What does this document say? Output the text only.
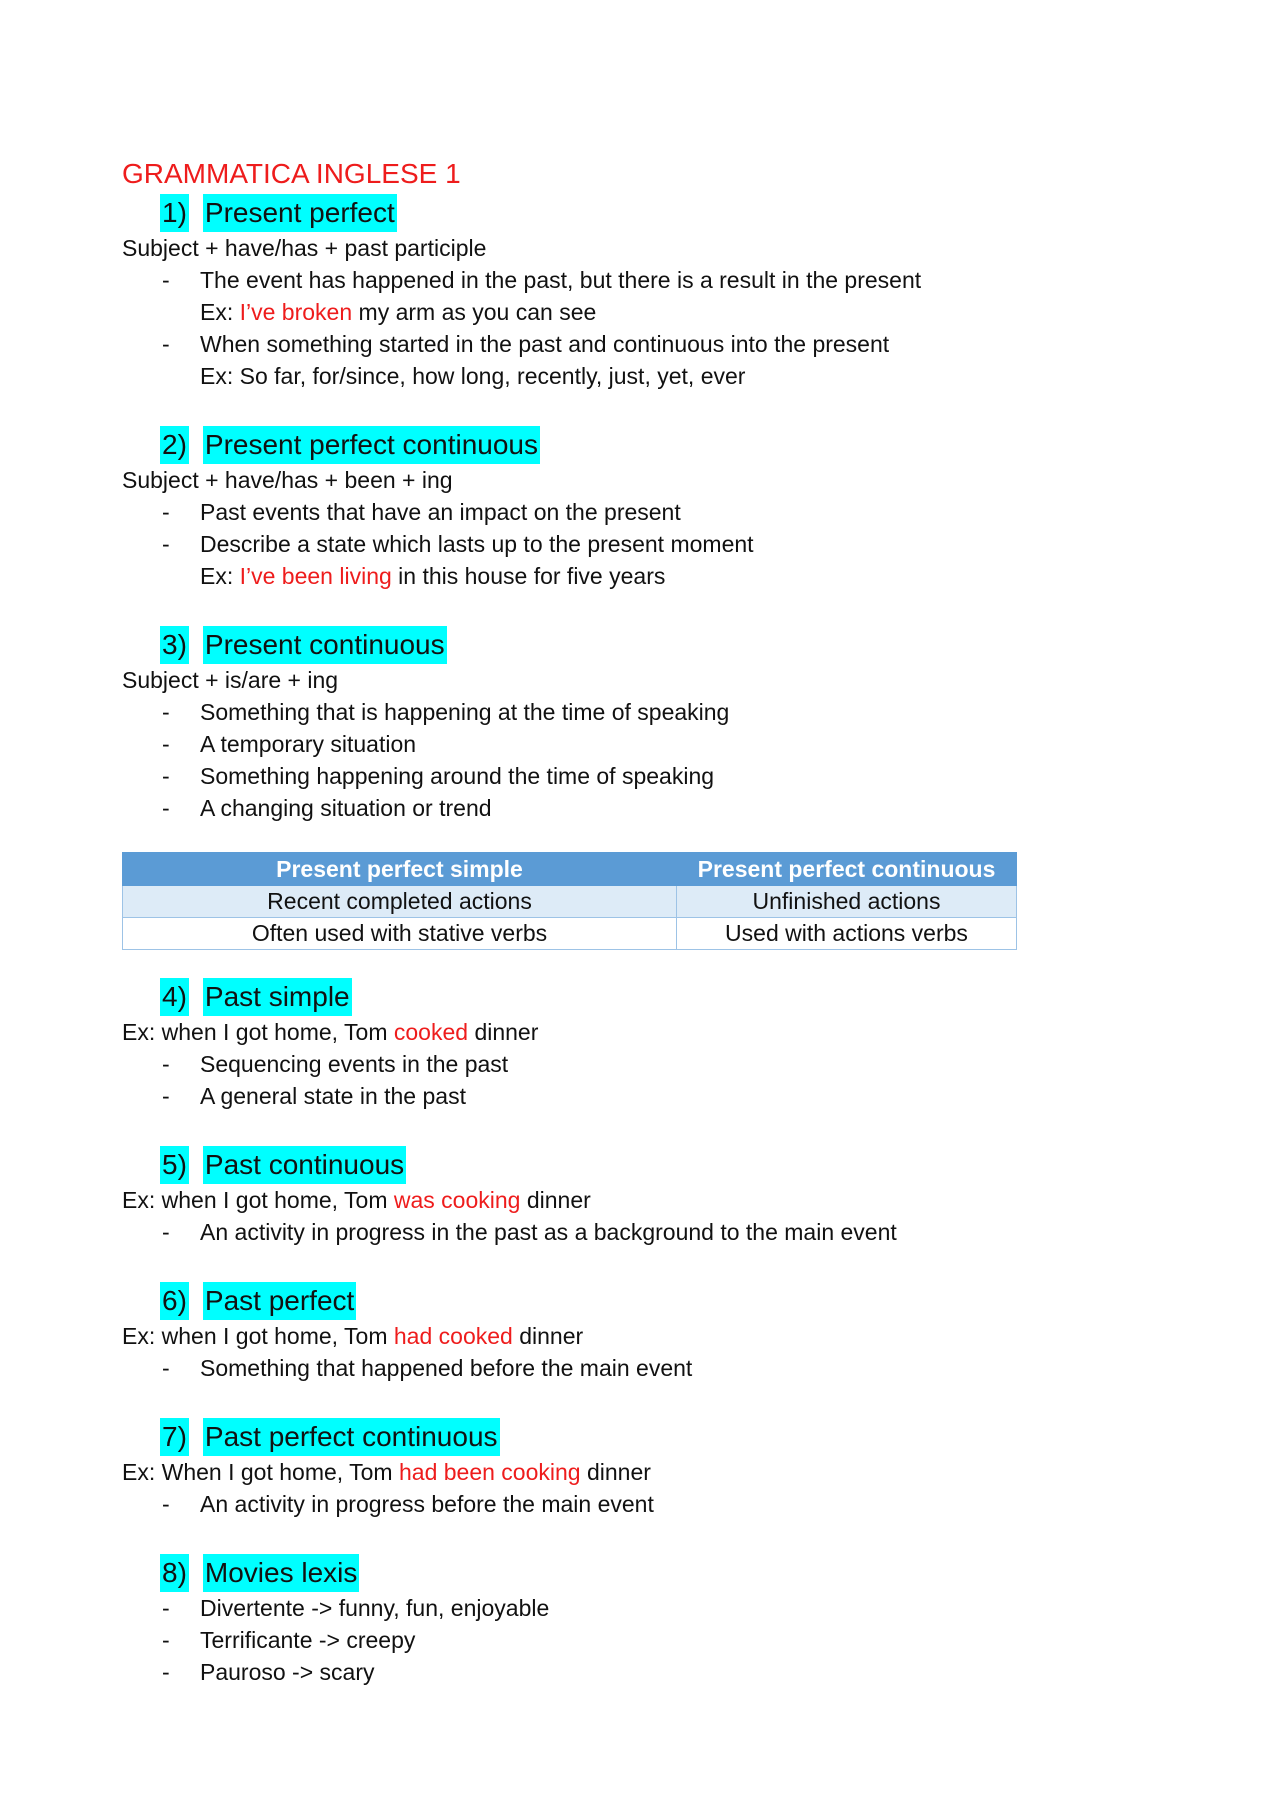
GRAMMATICA INGLESE 1
1) Present perfect
Subject + have/has + past participle
-	The event has happened in the past, but there is a result in the present
Ex: I’ve broken my arm as you can see
-	When something started in the past and continuous into the present
Ex: So far, for/since, how long, recently, just, yet, ever
2) Present perfect continuous
Subject + have/has + been + ing
-	Past events that have an impact on the present
-	Describe a state which lasts up to the present moment
Ex: I’ve been living in this house for five years
3) Present continuous
Subject + is/are + ing
-	Something that is happening at the time of speaking
-	A temporary situation
-	Something happening around the time of speaking
-	A changing situation or trend
Present perfect simple	Present perfect continuous
Recent completed actions	Unfinished actions
Often used with stative verbs	Used with actions verbs
4) Past simple
Ex: when I got home, Tom cooked dinner
-	Sequencing events in the past
-	A general state in the past
5) Past continuous
Ex: when I got home, Tom was cooking dinner
-	An activity in progress in the past as a background to the main event
6) Past perfect
Ex: when I got home, Tom had cooked dinner
-	Something that happened before the main event
7) Past perfect continuous
Ex: When I got home, Tom had been cooking dinner
-	An activity in progress before the main event
8) Movies lexis
-	Divertente -> funny, fun, enjoyable
-	Terrificante -> creepy
-	Pauroso -> scary
